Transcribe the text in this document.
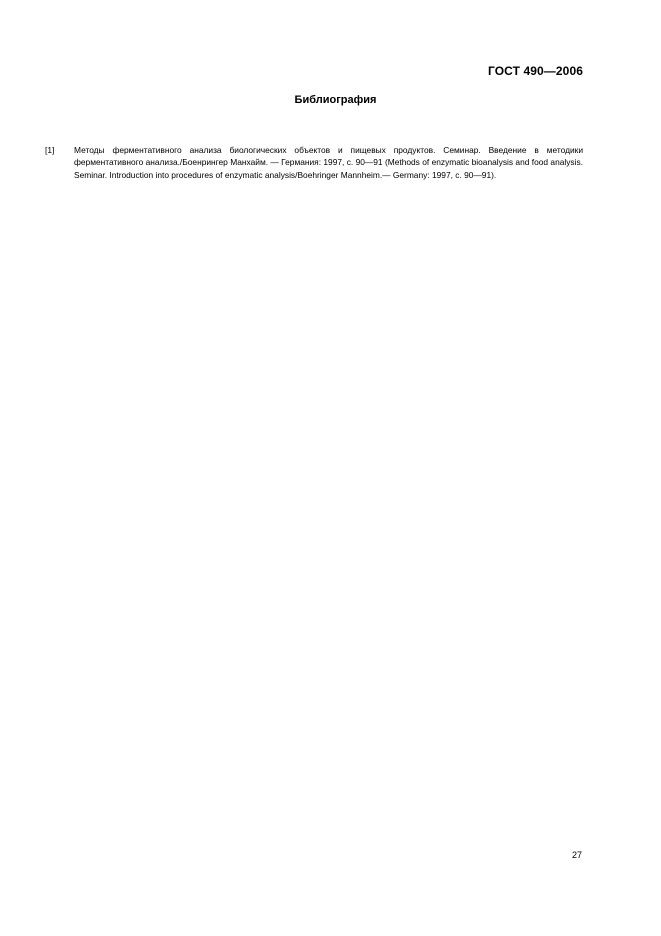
ГОСТ 490—2006
Библиография
[1]	Методы ферментативного анализа биологических объектов и пищевых продуктов. Семинар. Введение в методики ферментативного анализа./Боенрингер Манхайм. — Германия: 1997, с. 90—91 (Methods of enzymatic bioanalysis and food analysis. Seminar. Introduction into procedures of enzymatic analysis/Boehringer Mannheim.— Germany: 1997, c. 90—91).
27
